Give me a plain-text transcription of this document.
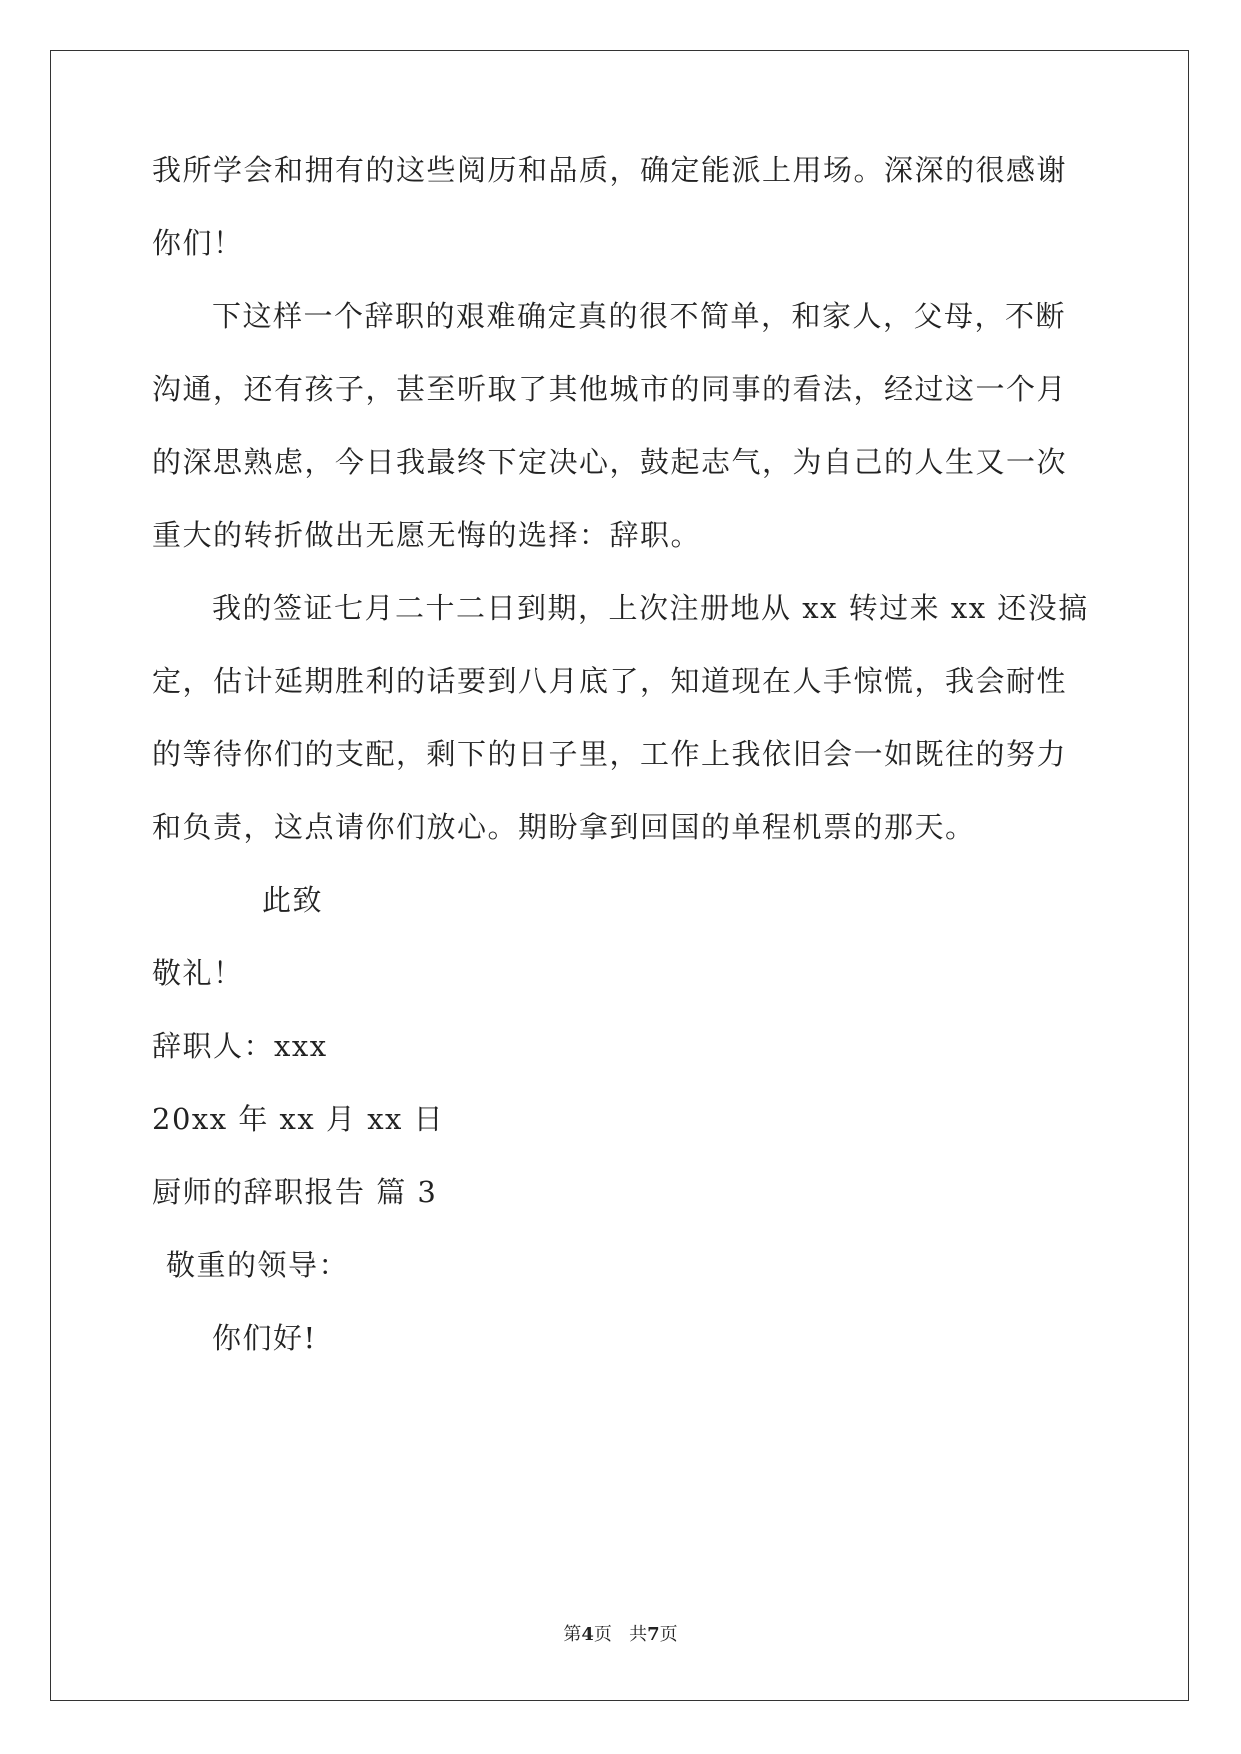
我所学会和拥有的这些阅历和品质，确定能派上用场。深深的很感谢
你们！
下这样一个辞职的艰难确定真的很不简单，和家人，父母，不断
沟通，还有孩子，甚至听取了其他城市的同事的看法，经过这一个月
的深思熟虑，今日我最终下定决心，鼓起志气，为自己的人生又一次
重大的转折做出无愿无悔的选择：辞职。
我的签证七月二十二日到期，上次注册地从 xx 转过来 xx 还没搞
定，估计延期胜利的话要到八月底了，知道现在人手惊慌，我会耐性
的等待你们的支配，剩下的日子里，工作上我依旧会一如既往的努力
和负责，这点请你们放心。期盼拿到回国的单程机票的那天。
此致
敬礼！
辞职人：xxx
20xx 年 xx 月 xx 日
厨师的辞职报告 篇 3
敬重的领导：
你们好!
第4页 共7页
